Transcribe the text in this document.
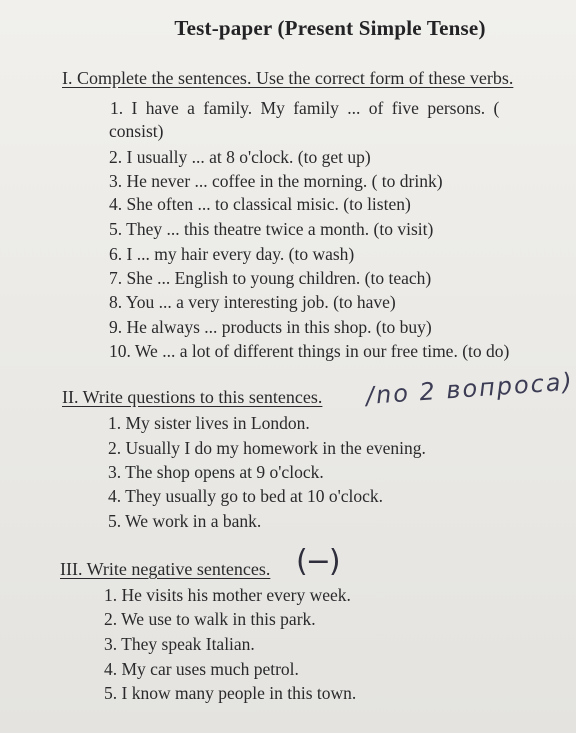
Test-paper (Present Simple Tense)
I. Complete the sentences. Use the correct form of these verbs.
1. I have a family. My family ... of five persons. (
consist)
2. I usually ... at 8 o'clock. (to get up)
3. He never ... coffee in the morning. ( to drink)
4. She often ... to classical misic. (to listen)
5. They ... this theatre twice a month. (to visit)
6. I ... my hair every day. (to wash)
7. She ... English to young children. (to teach)
8. You ... a very interesting job. (to have)
9. He always ... products in this shop. (to buy)
10. We ... a lot of different things in our free time. (to do)
II. Write questions to this sentences. /no 2 вопроса)
1. My sister lives in London.
2. Usually I do my homework in the evening.
3. The shop opens at 9 o'clock.
4. They usually go to bed at 10 o'clock.
5. We work in a bank.
III. Write negative sentences. (−)
1. He visits his mother every week.
2. We use to walk in this park.
3. They speak Italian.
4. My car uses much petrol.
5. I know many people in this town.
